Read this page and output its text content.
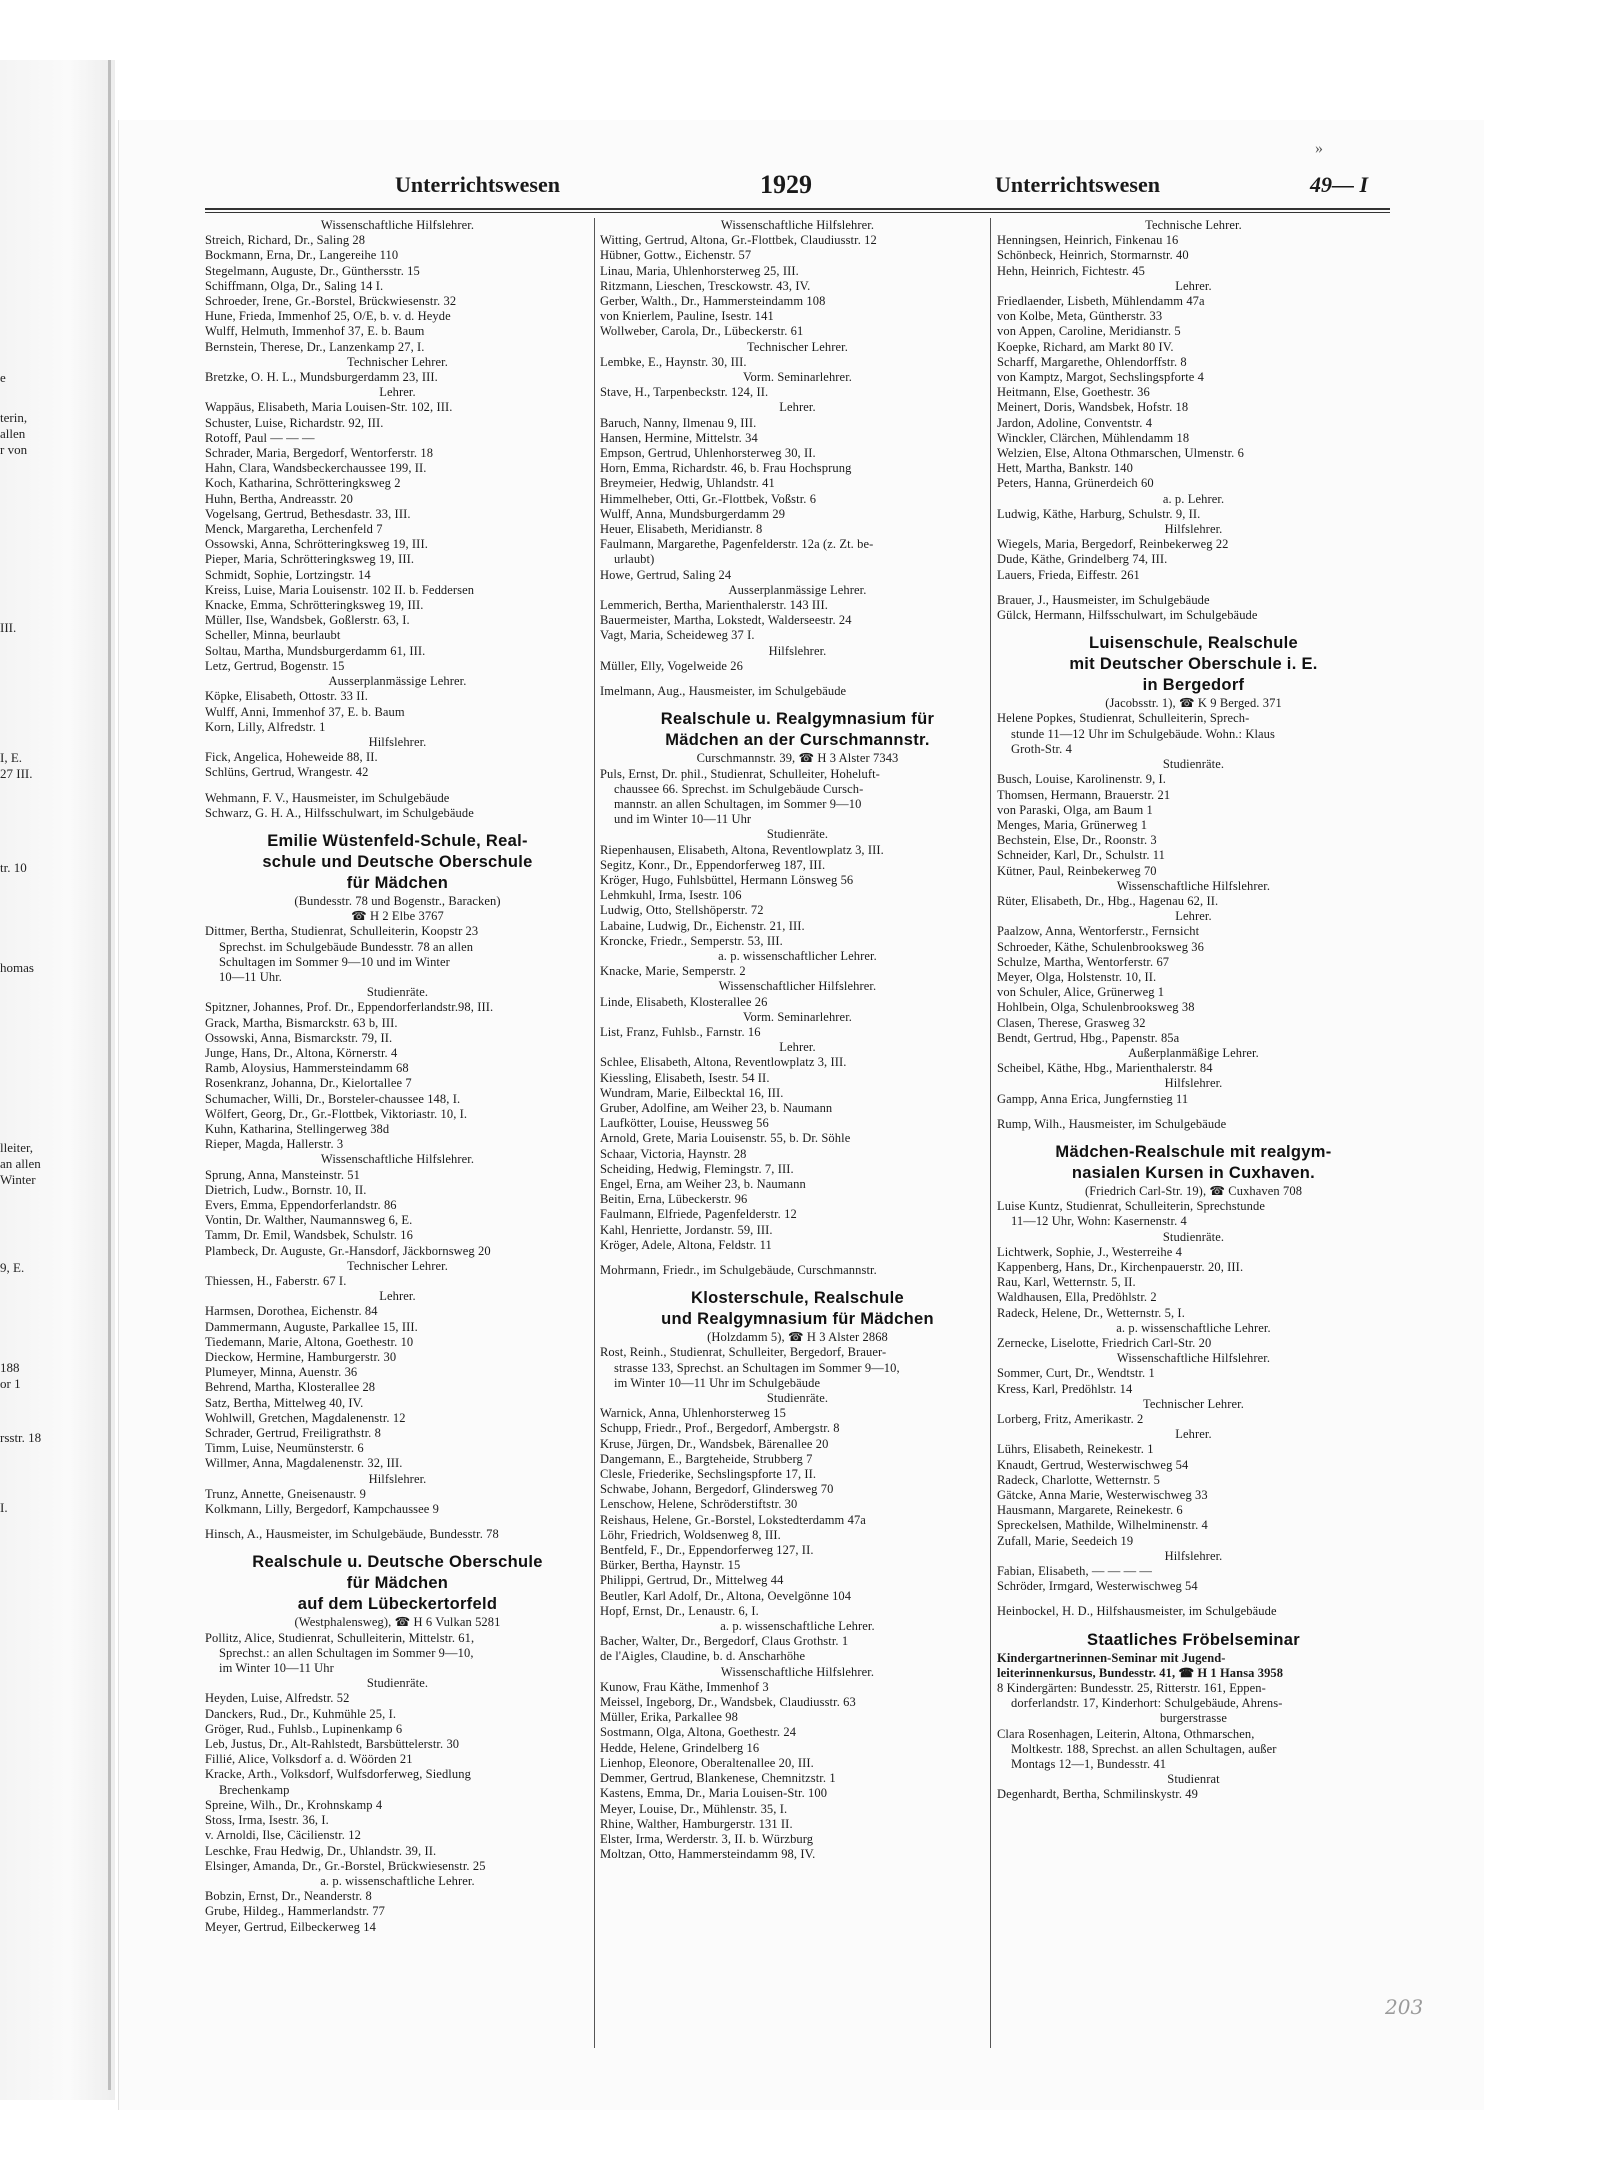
e
terin,
allen
r von
III.
I, E.
27 III.
tr. 10
homas
lleiter,
an allen
Winter
9, E.
188
or 1
rsstr. 18
I.
»
Unterrichtswesen	1929	Unterrichtswesen	49— I
Wissenschaftliche Hilfslehrer.
Streich, Richard, Dr., Saling 28
Bockmann, Erna, Dr., Langereihe 110
Stegelmann, Auguste, Dr., Günthersstr. 15
Schiffmann, Olga, Dr., Saling 14 I.
Schroeder, Irene, Gr.-Borstel, Brückwiesenstr. 32
Hune, Frieda, Immenhof 25, O/E, b. v. d. Heyde
Wulff, Helmuth, Immenhof 37, E. b. Baum
Bernstein, Therese, Dr., Lanzenkamp 27, I.
Technischer Lehrer.
Bretzke, O. H. L., Mundsburgerdamm 23, III.
Lehrer.
Wappäus, Elisabeth, Maria Louisen-Str. 102, III.
Schuster, Luise, Richardstr. 92, III.
Rotoff, Paul — — —
Schrader, Maria, Bergedorf, Wentorferstr. 18
Hahn, Clara, Wandsbeckerchaussee 199, II.
Koch, Katharina, Schrötteringksweg 2
Huhn, Bertha, Andreasstr. 20
Vogelsang, Gertrud, Bethesdastr. 33, III.
Menck, Margaretha, Lerchenfeld 7
Ossowski, Anna, Schrötteringksweg 19, III.
Pieper, Maria, Schrötteringksweg 19, III.
Schmidt, Sophie, Lortzingstr. 14
Kreiss, Luise, Maria Louisenstr. 102 II. b. Feddersen
Knacke, Emma, Schrötteringksweg 19, III.
Müller, Ilse, Wandsbek, Goßlerstr. 63, I.
Scheller, Minna, beurlaubt
Soltau, Martha, Mundsburgerdamm 61, III.
Letz, Gertrud, Bogenstr. 15
Ausserplanmässige Lehrer.
Köpke, Elisabeth, Ottostr. 33 II.
Wulff, Anni, Immenhof 37, E. b. Baum
Korn, Lilly, Alfredstr. 1
Hilfslehrer.
Fick, Angelica, Hoheweide 88, II.
Schlüns, Gertrud, Wrangestr. 42
Wehmann, F. V., Hausmeister, im Schulgebäude
Schwarz, G. H. A., Hilfsschulwart, im Schulgebäude
Emilie Wüstenfeld-Schule, Real-
schule und Deutsche Oberschule
für Mädchen
(Bundesstr. 78 und Bogenstr., Baracken)
☎ H 2 Elbe 3767
Dittmer, Bertha, Studienrat, Schulleiterin, Koopstr 23
Sprechst. im Schulgebäude Bundesstr. 78 an allen
Schultagen im Sommer 9—10 und im Winter
10—11 Uhr.
Studienräte.
Spitzner, Johannes, Prof. Dr., Eppendorferlandstr.98, III.
Grack, Martha, Bismarckstr. 63 b, III.
Ossowski, Anna, Bismarckstr. 79, II.
Junge, Hans, Dr., Altona, Körnerstr. 4
Ramb, Aloysius, Hammersteindamm 68
Rosenkranz, Johanna, Dr., Kielortallee 7
Schumacher, Willi, Dr., Borsteler-chaussee 148, I.
Wölfert, Georg, Dr., Gr.-Flottbek, Viktoriastr. 10, I.
Kuhn, Katharina, Stellingerweg 38d
Rieper, Magda, Hallerstr. 3
Wissenschaftliche Hilfslehrer.
Sprung, Anna, Mansteinstr. 51
Dietrich, Ludw., Bornstr. 10, II.
Evers, Emma, Eppendorferlandstr. 86
Vontin, Dr. Walther, Naumannsweg 6, E.
Tamm, Dr. Emil, Wandsbek, Schulstr. 16
Plambeck, Dr. Auguste, Gr.-Hansdorf, Jäckbornsweg 20
Technischer Lehrer.
Thiessen, H., Faberstr. 67 I.
Lehrer.
Harmsen, Dorothea, Eichenstr. 84
Dammermann, Auguste, Parkallee 15, III.
Tiedemann, Marie, Altona, Goethestr. 10
Dieckow, Hermine, Hamburgerstr. 30
Plumeyer, Minna, Auenstr. 36
Behrend, Martha, Klosterallee 28
Satz, Bertha, Mittelweg 40, IV.
Wohlwill, Gretchen, Magdalenenstr. 12
Schrader, Gertrud, Freiligrathstr. 8
Timm, Luise, Neumünsterstr. 6
Willmer, Anna, Magdalenenstr. 32, III.
Hilfslehrer.
Trunz, Annette, Gneisenaustr. 9
Kolkmann, Lilly, Bergedorf, Kampchaussee 9
Hinsch, A., Hausmeister, im Schulgebäude, Bundesstr. 78
Realschule u. Deutsche Oberschule
für Mädchen
auf dem Lübeckertorfeld
(Westphalensweg), ☎ H 6 Vulkan 5281
Pollitz, Alice, Studienrat, Schulleiterin, Mittelstr. 61,
Sprechst.: an allen Schultagen im Sommer 9—10,
im Winter 10—11 Uhr
Studienräte.
Heyden, Luise, Alfredstr. 52
Danckers, Rud., Dr., Kuhmühle 25, I.
Gröger, Rud., Fuhlsb., Lupinenkamp 6
Leb, Justus, Dr., Alt-Rahlstedt, Barsbüttelerstr. 30
Fillié, Alice, Volksdorf a. d. Wöörden 21
Kracke, Arth., Volksdorf, Wulfsdorferweg, Siedlung
Brechenkamp
Spreine, Wilh., Dr., Krohnskamp 4
Stoss, Irma, Isestr. 36, I.
v. Arnoldi, Ilse, Cäcilienstr. 12
Leschke, Frau Hedwig, Dr., Uhlandstr. 39, II.
Elsinger, Amanda, Dr., Gr.-Borstel, Brückwiesenstr. 25
a. p. wissenschaftliche Lehrer.
Bobzin, Ernst, Dr., Neanderstr. 8
Grube, Hildeg., Hammerlandstr. 77
Meyer, Gertrud, Eilbeckerweg 14
Wissenschaftliche Hilfslehrer.
Witting, Gertrud, Altona, Gr.-Flottbek, Claudiusstr. 12
Hübner, Gottw., Eichenstr. 57
Linau, Maria, Uhlenhorsterweg 25, III.
Ritzmann, Lieschen, Tresckowstr. 43, IV.
Gerber, Walth., Dr., Hammersteindamm 108
von Knierlem, Pauline, Isestr. 141
Wollweber, Carola, Dr., Lübeckerstr. 61
Technischer Lehrer.
Lembke, E., Haynstr. 30, III.
Vorm. Seminarlehrer.
Stave, H., Tarpenbeckstr. 124, II.
Lehrer.
Baruch, Nanny, Ilmenau 9, III.
Hansen, Hermine, Mittelstr. 34
Empson, Gertrud, Uhlenhorsterweg 30, II.
Horn, Emma, Richardstr. 46, b. Frau Hochsprung
Breymeier, Hedwig, Uhlandstr. 41
Himmelheber, Otti, Gr.-Flottbek, Voßstr. 6
Wulff, Anna, Mundsburgerdamm 29
Heuer, Elisabeth, Meridianstr. 8
Faulmann, Margarethe, Pagenfelderstr. 12a (z. Zt. be-
urlaubt)
Howe, Gertrud, Saling 24
Ausserplanmässige Lehrer.
Lemmerich, Bertha, Marienthalerstr. 143 III.
Bauermeister, Martha, Lokstedt, Walderseestr. 24
Vagt, Maria, Scheideweg 37 I.
Hilfslehrer.
Müller, Elly, Vogelweide 26
Imelmann, Aug., Hausmeister, im Schulgebäude
Realschule u. Realgymnasium für
Mädchen an der Curschmannstr.
Curschmannstr. 39, ☎ H 3 Alster 7343
Puls, Ernst, Dr. phil., Studienrat, Schulleiter, Hoheluft-
chaussee 66. Sprechst. im Schulgebäude Cursch-
mannstr. an allen Schultagen, im Sommer 9—10
und im Winter 10—11 Uhr
Studienräte.
Riepenhausen, Elisabeth, Altona, Reventlowplatz 3, III.
Segitz, Konr., Dr., Eppendorferweg 187, III.
Kröger, Hugo, Fuhlsbüttel, Hermann Lönsweg 56
Lehmkuhl, Irma, Isestr. 106
Ludwig, Otto, Stellshöperstr. 72
Labaine, Ludwig, Dr., Eichenstr. 21, III.
Kroncke, Friedr., Semperstr. 53, III.
a. p. wissenschaftlicher Lehrer.
Knacke, Marie, Semperstr. 2
Wissenschaftlicher Hilfslehrer.
Linde, Elisabeth, Klosterallee 26
Vorm. Seminarlehrer.
List, Franz, Fuhlsb., Farnstr. 16
Lehrer.
Schlee, Elisabeth, Altona, Reventlowplatz 3, III.
Kiessling, Elisabeth, Isestr. 54 II.
Wundram, Marie, Eilbecktal 16, III.
Gruber, Adolfine, am Weiher 23, b. Naumann
Laufkötter, Louise, Heussweg 56
Arnold, Grete, Maria Louisenstr. 55, b. Dr. Söhle
Schaar, Victoria, Haynstr. 28
Scheiding, Hedwig, Flemingstr. 7, III.
Engel, Erna, am Weiher 23, b. Naumann
Beitin, Erna, Lübeckerstr. 96
Faulmann, Elfriede, Pagenfelderstr. 12
Kahl, Henriette, Jordanstr. 59, III.
Kröger, Adele, Altona, Feldstr. 11
Mohrmann, Friedr., im Schulgebäude, Curschmannstr.
Klosterschule, Realschule
und Realgymnasium für Mädchen
(Holzdamm 5), ☎ H 3 Alster 2868
Rost, Reinh., Studienrat, Schulleiter, Bergedorf, Brauer-
strasse 133, Sprechst. an Schultagen im Sommer 9—10,
im Winter 10—11 Uhr im Schulgebäude
Studienräte.
Warnick, Anna, Uhlenhorsterweg 15
Schupp, Friedr., Prof., Bergedorf, Ambergstr. 8
Kruse, Jürgen, Dr., Wandsbek, Bärenallee 20
Dangemann, E., Bargteheide, Strubberg 7
Clesle, Friederike, Sechslingspforte 17, II.
Schwabe, Johann, Bergedorf, Glindersweg 70
Lenschow, Helene, Schröderstiftstr. 30
Reishaus, Helene, Gr.-Borstel, Lokstedterdamm 47a
Löhr, Friedrich, Woldsenweg 8, III.
Bentfeld, F., Dr., Eppendorferweg 127, II.
Bürker, Bertha, Haynstr. 15
Philippi, Gertrud, Dr., Mittelweg 44
Beutler, Karl Adolf, Dr., Altona, Oevelgönne 104
Hopf, Ernst, Dr., Lenaustr. 6, I.
a. p. wissenschaftliche Lehrer.
Bacher, Walter, Dr., Bergedorf, Claus Grothstr. 1
de l'Aigles, Claudine, b. d. Anscharhöhe
Wissenschaftliche Hilfslehrer.
Kunow, Frau Käthe, Immenhof 3
Meissel, Ingeborg, Dr., Wandsbek, Claudiusstr. 63
Müller, Erika, Parkallee 98
Sostmann, Olga, Altona, Goethestr. 24
Hedde, Helene, Grindelberg 16
Lienhop, Eleonore, Oberaltenallee 20, III.
Demmer, Gertrud, Blankenese, Chemnitzstr. 1
Kastens, Emma, Dr., Maria Louisen-Str. 100
Meyer, Louise, Dr., Mühlenstr. 35, I.
Rhine, Walther, Hamburgerstr. 131 II.
Elster, Irma, Werderstr. 3, II. b. Würzburg
Moltzan, Otto, Hammersteindamm 98, IV.
Technische Lehrer.
Henningsen, Heinrich, Finkenau 16
Schönbeck, Heinrich, Stormarnstr. 40
Hehn, Heinrich, Fichtestr. 45
Lehrer.
Friedlaender, Lisbeth, Mühlendamm 47a
von Kolbe, Meta, Güntherstr. 33
von Appen, Caroline, Meridianstr. 5
Koepke, Richard, am Markt 80 IV.
Scharff, Margarethe, Ohlendorffstr. 8
von Kamptz, Margot, Sechslingspforte 4
Heitmann, Else, Goethestr. 36
Meinert, Doris, Wandsbek, Hofstr. 18
Jardon, Adoline, Conventstr. 4
Winckler, Clärchen, Mühlendamm 18
Welzien, Else, Altona Othmarschen, Ulmenstr. 6
Hett, Martha, Bankstr. 140
Peters, Hanna, Grünerdeich 60
a. p. Lehrer.
Ludwig, Käthe, Harburg, Schulstr. 9, II.
Hilfslehrer.
Wiegels, Maria, Bergedorf, Reinbekerweg 22
Dude, Käthe, Grindelberg 74, III.
Lauers, Frieda, Eiffestr. 261
Brauer, J., Hausmeister, im Schulgebäude
Gülck, Hermann, Hilfsschulwart, im Schulgebäude
Luisenschule, Realschule
mit Deutscher Oberschule i. E.
in Bergedorf
(Jacobsstr. 1), ☎ K 9 Berged. 371
Helene Popkes, Studienrat, Schulleiterin, Sprech-
stunde 11—12 Uhr im Schulgebäude. Wohn.: Klaus
Groth-Str. 4
Studienräte.
Busch, Louise, Karolinenstr. 9, I.
Thomsen, Hermann, Brauerstr. 21
von Paraski, Olga, am Baum 1
Menges, Maria, Grünerweg 1
Bechstein, Else, Dr., Roonstr. 3
Schneider, Karl, Dr., Schulstr. 11
Kütner, Paul, Reinbekerweg 70
Wissenschaftliche Hilfslehrer.
Rüter, Elisabeth, Dr., Hbg., Hagenau 62, II.
Lehrer.
Paalzow, Anna, Wentorferstr., Fernsicht
Schroeder, Käthe, Schulenbrooksweg 36
Schulze, Martha, Wentorferstr. 67
Meyer, Olga, Holstenstr. 10, II.
von Schuler, Alice, Grünerweg 1
Hohlbein, Olga, Schulenbrooksweg 38
Clasen, Therese, Grasweg 32
Bendt, Gertrud, Hbg., Papenstr. 85a
Außerplanmäßige Lehrer.
Scheibel, Käthe, Hbg., Marienthalerstr. 84
Hilfslehrer.
Gampp, Anna Erica, Jungfernstieg 11
Rump, Wilh., Hausmeister, im Schulgebäude
Mädchen-Realschule mit realgym-
nasialen Kursen in Cuxhaven.
(Friedrich Carl-Str. 19), ☎ Cuxhaven 708
Luise Kuntz, Studienrat, Schulleiterin, Sprechstunde
11—12 Uhr, Wohn: Kasernenstr. 4
Studienräte.
Lichtwerk, Sophie, J., Westerreihe 4
Kappenberg, Hans, Dr., Kirchenpauerstr. 20, III.
Rau, Karl, Wetternstr. 5, II.
Waldhausen, Ella, Predöhlstr. 2
Radeck, Helene, Dr., Wetternstr. 5, I.
a. p. wissenschaftliche Lehrer.
Zernecke, Liselotte, Friedrich Carl-Str. 20
Wissenschaftliche Hilfslehrer.
Sommer, Curt, Dr., Wendtstr. 1
Kress, Karl, Predöhlstr. 14
Technischer Lehrer.
Lorberg, Fritz, Amerikastr. 2
Lehrer.
Lührs, Elisabeth, Reinekestr. 1
Knaudt, Gertrud, Westerwischweg 54
Radeck, Charlotte, Wetternstr. 5
Gätcke, Anna Marie, Westerwischweg 33
Hausmann, Margarete, Reinekestr. 6
Spreckelsen, Mathilde, Wilhelminenstr. 4
Zufall, Marie, Seedeich 19
Hilfslehrer.
Fabian, Elisabeth, — — — —
Schröder, Irmgard, Westerwischweg 54
Heinbockel, H. D., Hilfshausmeister, im Schulgebäude
Staatliches Fröbelseminar
Kindergartnerinnen-Seminar mit Jugend-
leiterinnenkursus, Bundesstr. 41, ☎ H 1 Hansa 3958
8 Kindergärten: Bundesstr. 25, Ritterstr. 161, Eppen-
dorferlandstr. 17, Kinderhort: Schulgebäude, Ahrens-
burgerstrasse
Clara Rosenhagen, Leiterin, Altona, Othmarschen,
Moltkestr. 188, Sprechst. an allen Schultagen, außer
Montags 12—1, Bundesstr. 41
Studienrat
Degenhardt, Bertha, Schmilinskystr. 49
203
